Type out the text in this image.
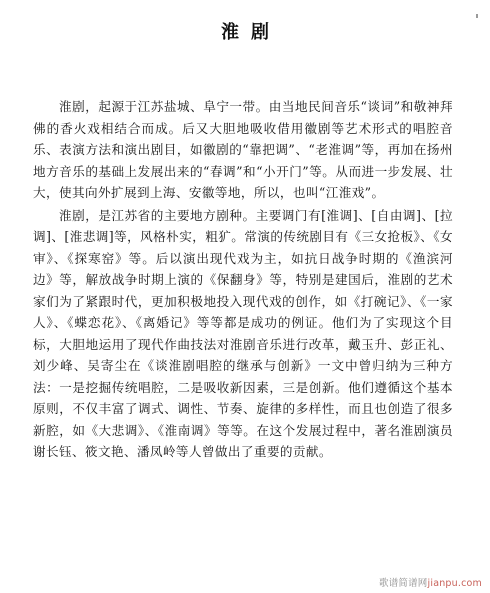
淮剧

淮剧，起源于江苏盐城、阜宁一带。由当地民间音乐“谈词”和敬神拜佛的香火戏相结合而成。后又大胆地吸收借用徽剧等艺术形式的唱腔音乐、表演方法和演出剧目，如徽剧的“靠把调”、“老淮调”等，再加在扬州地方音乐的基础上发展出来的“春调”和“小开门”等。从而进一步发展、壮大，使其向外扩展到上海、安徽等地，所以，也叫“江淮戏”。

淮剧，是江苏省的主要地方剧种。主要调门有[淮调]、[自由调]、[拉调]、[淮悲调]等，风格朴实，粗犷。常演的传统剧目有《三女抢板》、《女审》、《探寒窑》等。后以演出现代戏为主，如抗日战争时期的《渔滨河边》等，解放战争时期上演的《保翻身》等，特别是建国后，淮剧的艺术家们为了紧跟时代，更加积极地投入现代戏的创作，如《打碗记》、《一家人》、《蝶恋花》、《离婚记》等等都是成功的例证。他们为了实现这个目标，大胆地运用了现代作曲技法对淮剧音乐进行改革，戴玉升、彭正礼、刘少峰、吴寄尘在《谈淮剧唱腔的继承与创新》一文中曾归纳为三种方法：一是挖掘传统唱腔，二是吸收新因素，三是创新。他们遵循这个基本原则，不仅丰富了调式、调性、节奏、旋律的多样性，而且也创造了很多新腔，如《大悲调》、《淮南调》等等。在这个发展过程中，著名淮剧演员谢长钰、筱文艳、潘凤岭等人曾做出了重要的贡献。

歌谱简谱网jianpu.com
